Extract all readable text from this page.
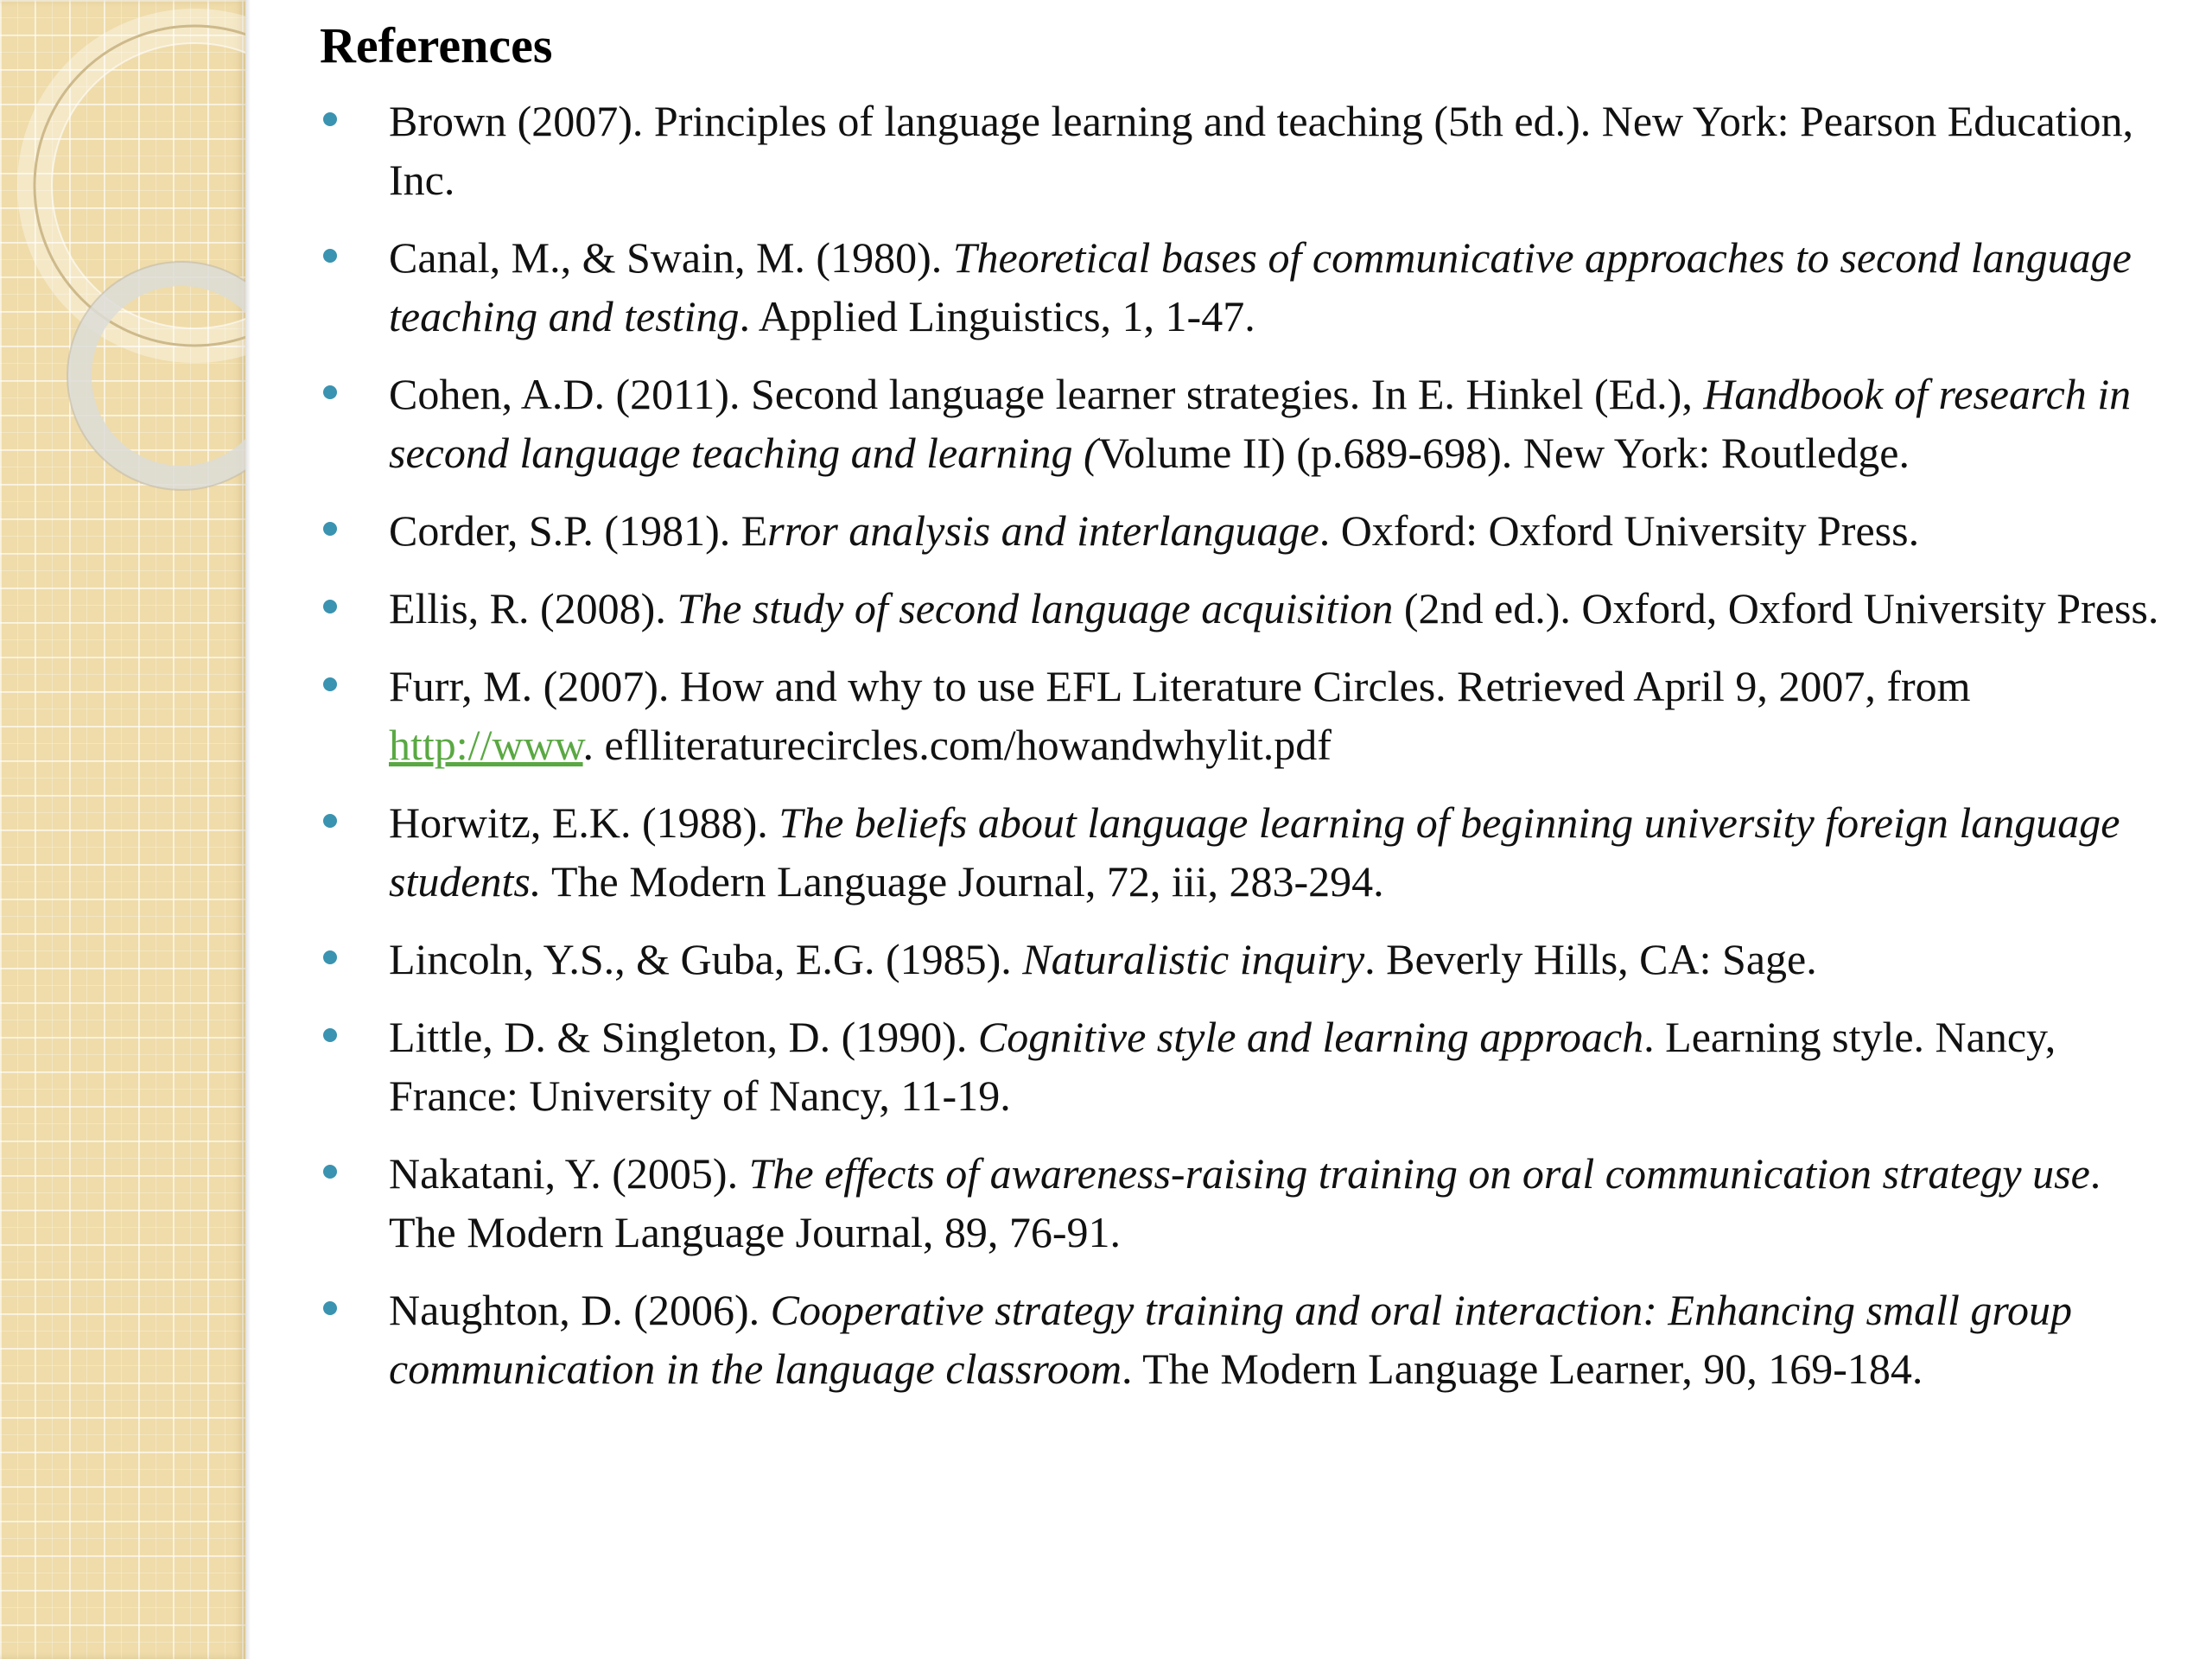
References
Brown (2007). Principles of language learning and teaching (5th ed.). New York: Pearson Education, Inc.
Canal, M., & Swain, M. (1980). Theoretical bases of communicative approaches to second language teaching and testing. Applied Linguistics, 1, 1-47.
Cohen, A.D. (2011). Second language learner strategies. In E. Hinkel (Ed.), Handbook of research in second language teaching and learning (Volume II) (p.689-698). New York: Routledge.
Corder, S.P. (1981). Error analysis and interlanguage. Oxford: Oxford University Press.
Ellis, R. (2008). The study of second language acquisition (2nd ed.). Oxford, Oxford University Press.
Furr, M. (2007). How and why to use EFL Literature Circles. Retrieved April 9, 2007, from http://www. eflliteraturecircles.com/howandwhylit.pdf
Horwitz, E.K. (1988). The beliefs about language learning of beginning university foreign language students. The Modern Language Journal, 72, iii, 283-294.
Lincoln, Y.S., & Guba, E.G. (1985). Naturalistic inquiry. Beverly Hills, CA: Sage.
Little, D. & Singleton, D. (1990). Cognitive style and learning approach. Learning style. Nancy, France: University of Nancy, 11-19.
Nakatani, Y. (2005). The effects of awareness-raising training on oral communication strategy use. The Modern Language Journal, 89, 76-91.
Naughton, D. (2006). Cooperative strategy training and oral interaction: Enhancing small group communication in the language classroom. The Modern Language Learner, 90, 169-184.
